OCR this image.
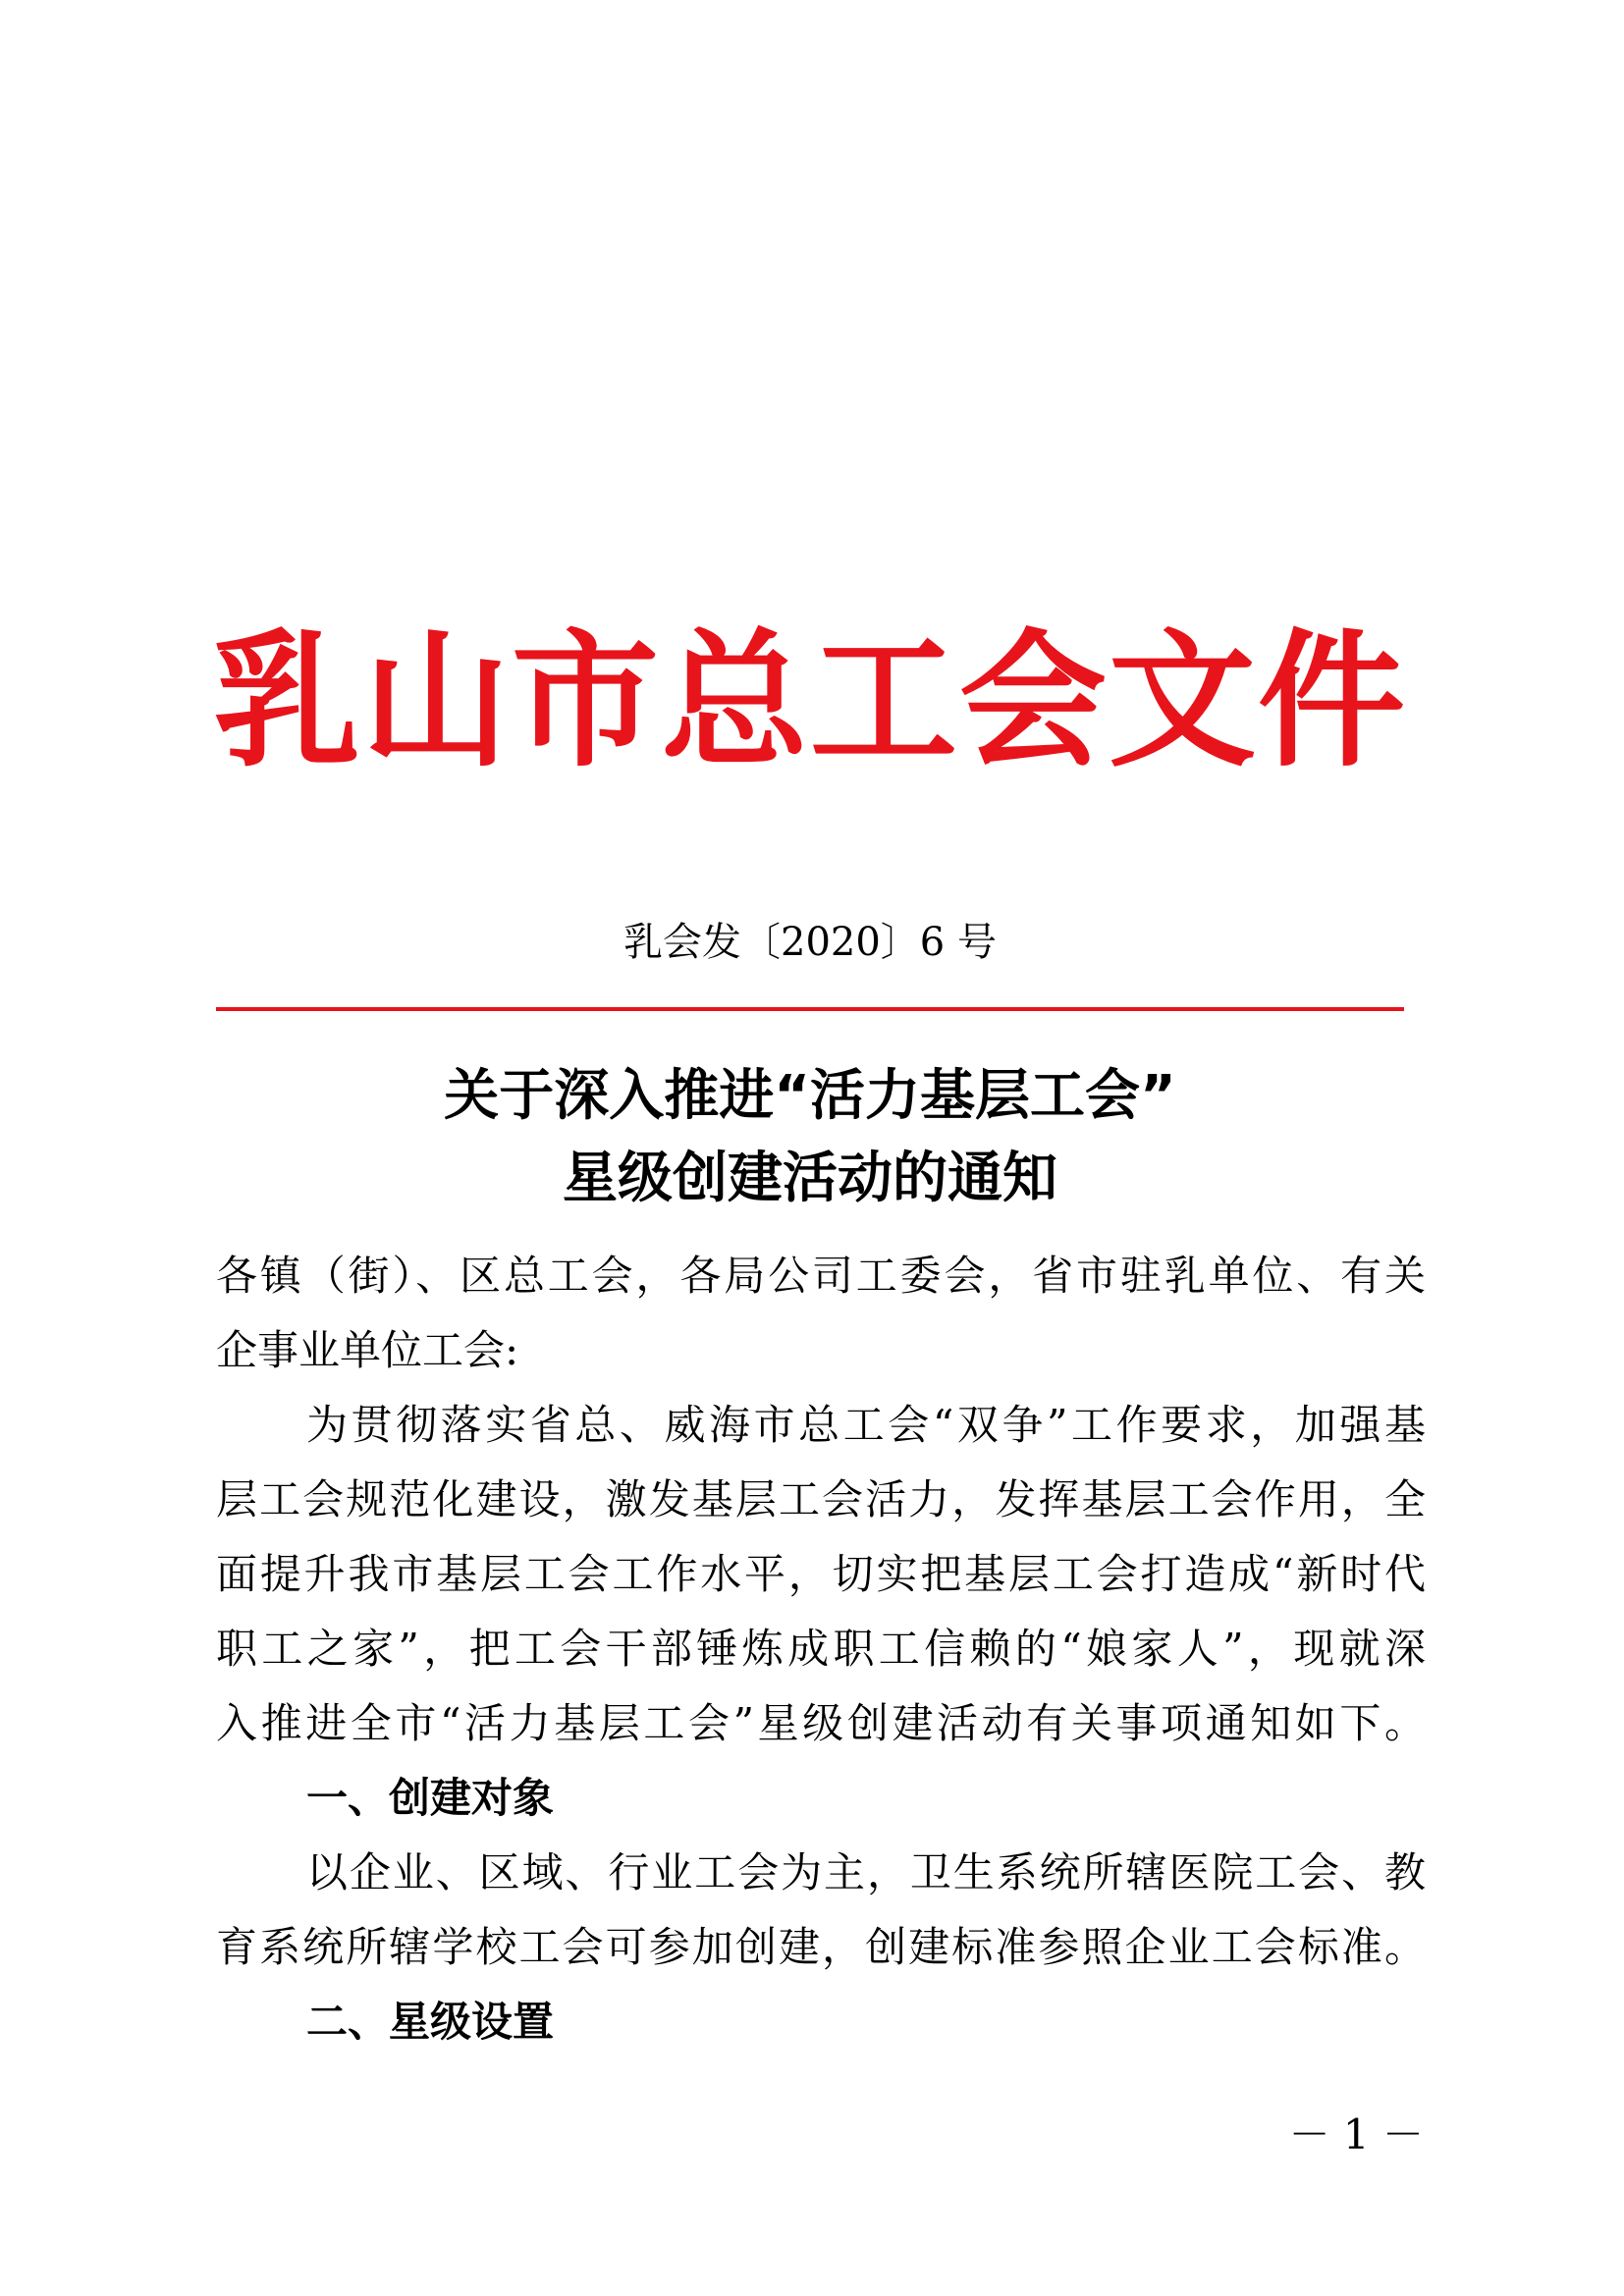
乳山市总工会文件
乳会发〔2020〕6 号
关于深入推进“活力基层工会”
星级创建活动的通知
各镇（街）、区总工会，各局公司工委会，省市驻乳单位、有关
企事业单位工会:
为贯彻落实省总、威海市总工会“双争”工作要求，加强基
层工会规范化建设，激发基层工会活力，发挥基层工会作用，全
面提升我市基层工会工作水平，切实把基层工会打造成“新时代
职工之家”，把工会干部锤炼成职工信赖的“娘家人”，现就深
入推进全市“活力基层工会”星级创建活动有关事项通知如下。
一、创建对象
以企业、区域、行业工会为主，卫生系统所辖医院工会、教
育系统所辖学校工会可参加创建，创建标准参照企业工会标准。
二、星级设置
－ 1 －
